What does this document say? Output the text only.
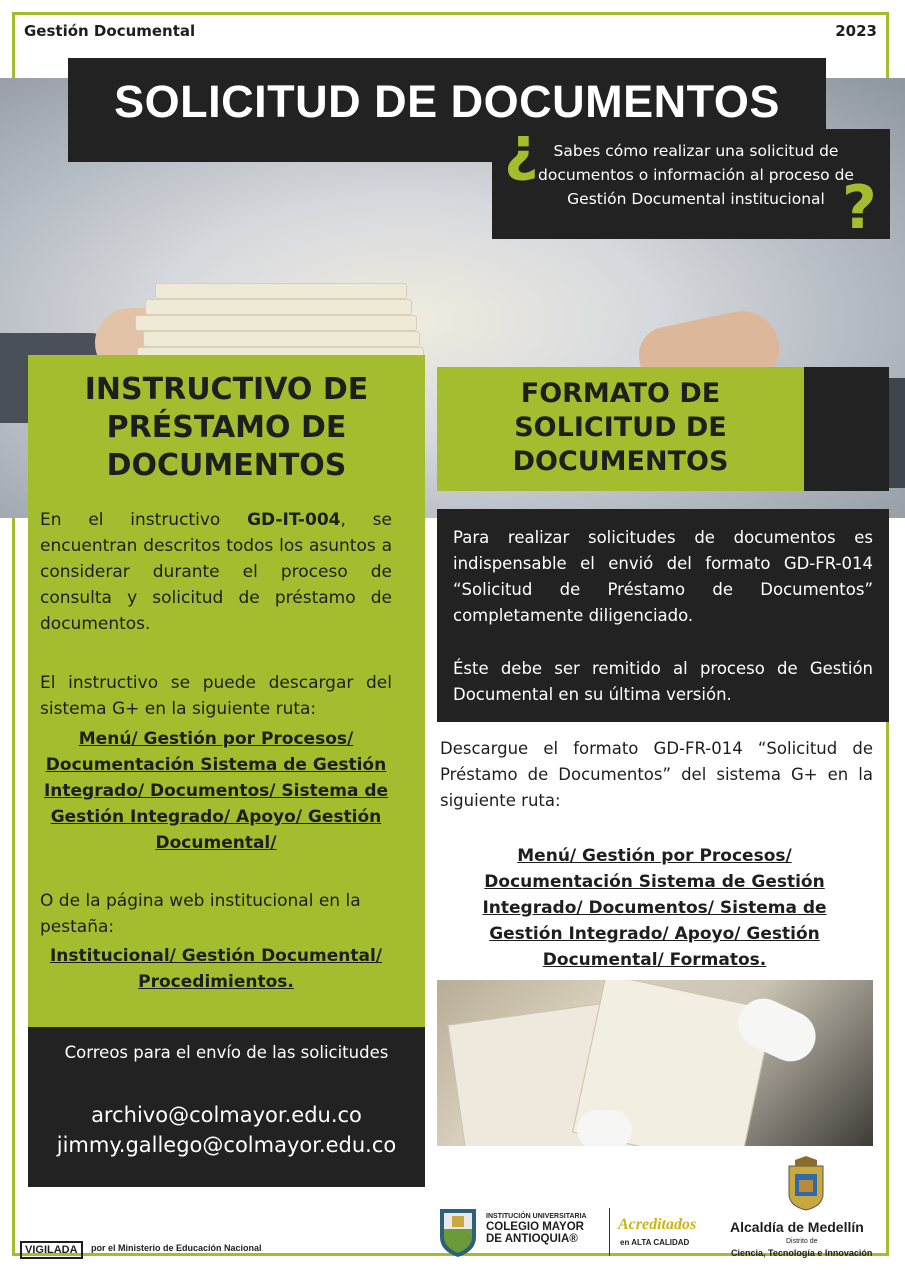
Gestión Documental	2023
SOLICITUD DE DOCUMENTOS
Sabes cómo realizar una solicitud de documentos o información al proceso de Gestión Documental institucional
?
?
INSTRUCTIVO DE PRÉSTAMO DE DOCUMENTOS
En el instructivo GD-IT-004, se encuentran descritos todos los asuntos a considerar durante el proceso de consulta y solicitud de préstamo de documentos.
El instructivo se puede descargar del sistema G+ en la siguiente ruta:
Menú/ Gestión por Procesos/ Documentación Sistema de Gestión Integrado/ Documentos/ Sistema de Gestión Integrado/ Apoyo/ Gestión Documental/
O de la página web institucional en la pestaña:
Institucional/ Gestión Documental/ Procedimientos.
Correos para el envío de las solicitudes
archivo@colmayor.edu.co
jimmy.gallego@colmayor.edu.co
FORMATO DE SOLICITUD DE DOCUMENTOS
Para realizar solicitudes de documentos es indispensable el envió del formato GD-FR-014 “Solicitud de Préstamo de Documentos” completamente diligenciado.
Éste debe ser remitido al proceso de Gestión Documental en su última versión.
Descargue el formato GD-FR-014 “Solicitud de Préstamo de Documentos” del sistema G+ en la siguiente ruta:
Menú/ Gestión por Procesos/ Documentación Sistema de Gestión Integrado/ Documentos/ Sistema de Gestión Integrado/ Apoyo/ Gestión Documental/ Formatos.
VIGILADA	por el Ministerio de Educación Nacional
INSTITUCIÓN UNIVERSITARIA
COLEGIO MAYOR
DE ANTIOQUIA®
Acreditados
en ALTA CALIDAD
Alcaldía de Medellín
Distrito de
Ciencia, Tecnología e Innovación
